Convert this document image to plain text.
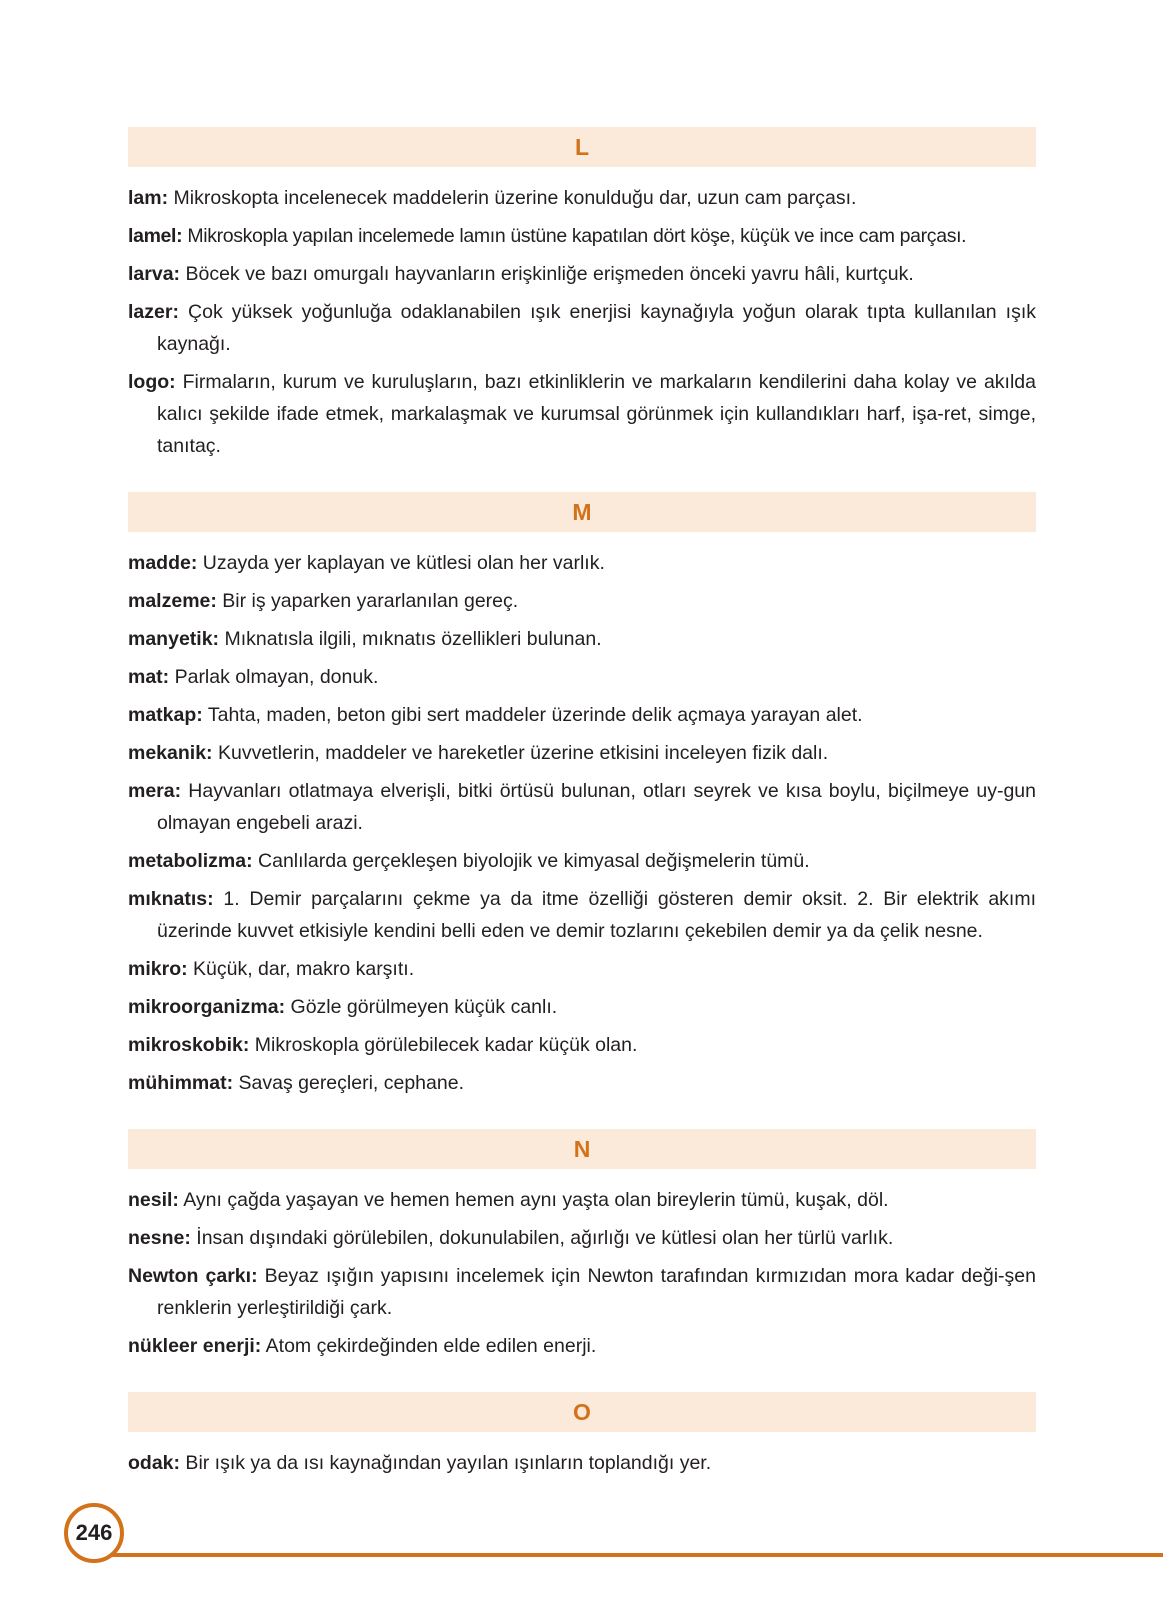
L

lam: Mikroskopta incelenecek maddelerin üzerine konulduğu dar, uzun cam parçası.

lamel: Mikroskopla yapılan incelemede lamın üstüne kapatılan dört köşe, küçük ve ince cam parçası.

larva: Böcek ve bazı omurgalı hayvanların erişkinliğe erişmeden önceki yavru hâli, kurtçuk.

lazer: Çok yüksek yoğunluğa odaklanabilen ışık enerjisi kaynağıyla yoğun olarak tıpta kullanılan ışık kaynağı.

logo: Firmaların, kurum ve kuruluşların, bazı etkinliklerin ve markaların kendilerini daha kolay ve akılda kalıcı şekilde ifade etmek, markalaşmak ve kurumsal görünmek için kullandıkları harf, işa-ret, simge, tanıtaç.

M

madde: Uzayda yer kaplayan ve kütlesi olan her varlık.

malzeme: Bir iş yaparken yararlanılan gereç.

manyetik: Mıknatısla ilgili, mıknatıs özellikleri bulunan.

mat: Parlak olmayan, donuk.

matkap: Tahta, maden, beton gibi sert maddeler üzerinde delik açmaya yarayan alet.

mekanik: Kuvvetlerin, maddeler ve hareketler üzerine etkisini inceleyen fizik dalı.

mera: Hayvanları otlatmaya elverişli, bitki örtüsü bulunan, otları seyrek ve kısa boylu, biçilmeye uy-gun olmayan engebeli arazi.

metabolizma: Canlılarda gerçekleşen biyolojik ve kimyasal değişmelerin tümü.

mıknatıs: 1. Demir parçalarını çekme ya da itme özelliği gösteren demir oksit. 2. Bir elektrik akımı üzerinde kuvvet etkisiyle kendini belli eden ve demir tozlarını çekebilen demir ya da çelik nesne.

mikro: Küçük, dar, makro karşıtı.

mikroorganizma: Gözle görülmeyen küçük canlı.

mikroskobik: Mikroskopla görülebilecek kadar küçük olan.

mühimmat: Savaş gereçleri, cephane.

N

nesil: Aynı çağda yaşayan ve hemen hemen aynı yaşta olan bireylerin tümü, kuşak, döl.

nesne: İnsan dışındaki görülebilen, dokunulabilen, ağırlığı ve kütlesi olan her türlü varlık.

Newton çarkı: Beyaz ışığın yapısını incelemek için Newton tarafından kırmızıdan mora kadar deği-şen renklerin yerleştirildiği çark.

nükleer enerji: Atom çekirdeğinden elde edilen enerji.

O

odak: Bir ışık ya da ısı kaynağından yayılan ışınların toplandığı yer.

246
